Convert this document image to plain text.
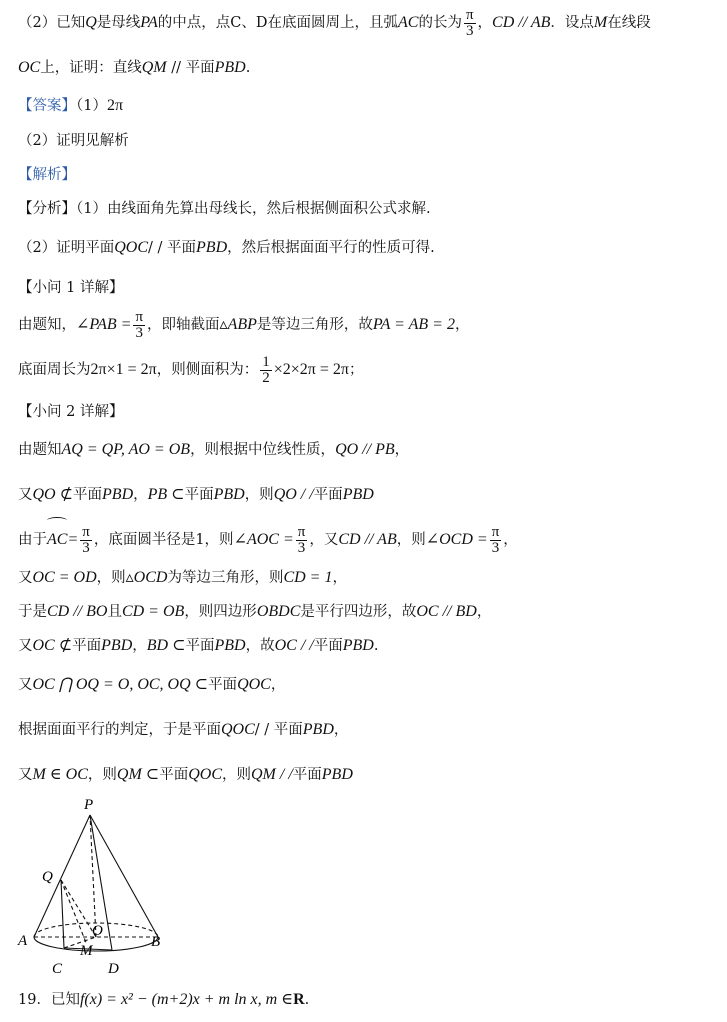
（2）已知Q是母线PA的中点，点C、D在底面圆周上，且弧AC的长为 $\frac{\pi}{3}$ ，CD // AB．设点M在线段
OC上，证明：直线QM // 平面PBD.
【答案】（1）2π
（2）证明见解析
【解析】
【分析】（1）由线面角先算出母线长，然后根据侧面积公式求解.
（2）证明平面QOC/ / 平面PBD，然后根据面面平行的性质可得.
【小问 1 详解】
由题知，∠PAB = $\frac{\pi}{3}$ ，即轴截面▵ABP是等边三角形，故PA = AB = 2，
底面周长为2π×1 = 2π，则侧面积为： $\frac{1}{2} \times 2\times 2\pi = 2\pi$；
【小问 2 详解】
由题知AQ = QP, AO = OB，则根据中位线性质，QO // PB，
又QO ⊄平面PBD，PB ⊂平面PBD，则QO / /平面PBD
由于$AC= \frac{\pi}{3}$ ，底面圆半径是1，则∠AOC = $\frac{\pi}{3}$ ，又CD // AB，则∠OCD = $\frac{\pi}{3}$ ，
又OC = OD，则▵OCD为等边三角形，则CD = 1，
于是CD // BO且CD = OB，则四边形OBDC是平行四边形，故OC // BD，
又OC ⊄平面PBD，BD ⊂平面PBD，故OC / /平面PBD.
又OC ⋂ OQ = O, OC, OQ ⊂平面QOC，
根据面面平行的判定，于是平面QOC/ / 平面PBD，
又M ∈ OC，则QM ⊂平面QOC，则QM / /平面PBD
P
Q
O
A	B
M
C	D
19．已知f(x) = x² − (m+2)x + m ln x, m ∈R.
